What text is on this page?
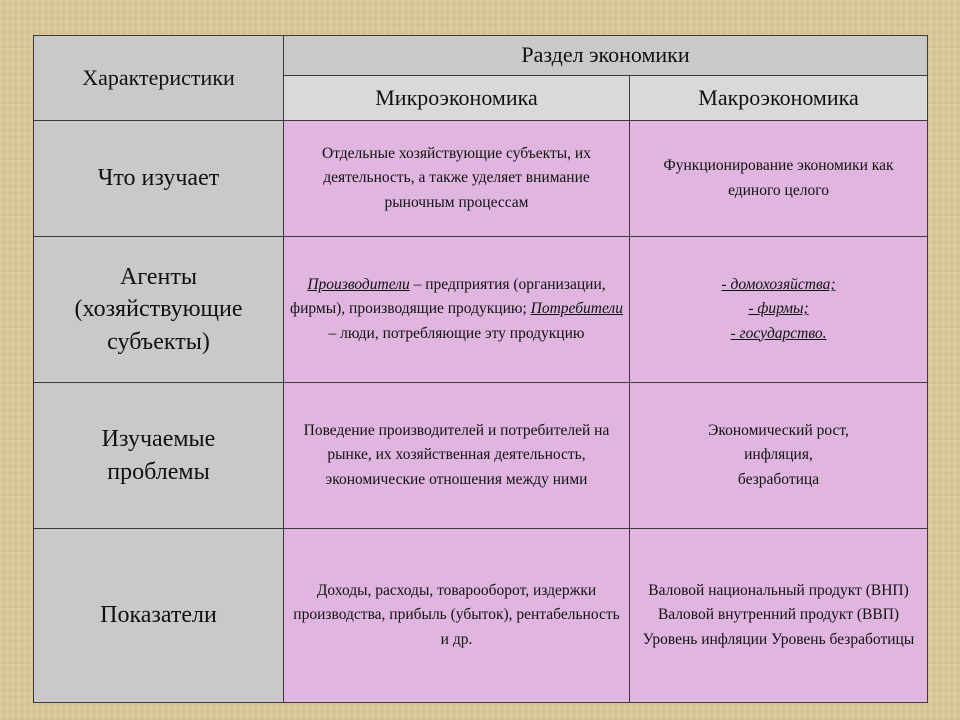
Характеристики	Раздел экономики	
	Микроэкономика	Макроэкономика
Что изучает	Отдельные хозяйствующие субъекты, их деятельность, а также уделяет внимание рыночным процессам	Функционирование экономики как единого целого

Агенты
(хозяйствующие
субъекты)	Производители – предприятия (организации, фирмы), производящие продукцию; Потребители – люди, потребляющие эту продукцию	- домохозяйства;
- фирмы;
- государство.

Изучаемые
проблемы	Поведение производителей и потребителей на рынке, их хозяйственная деятельность, экономические отношения между ними	Экономический рост,
инфляция,
безработица

Показатели	Доходы, расходы, товарооборот, издержки производства, прибыль (убыток), рентабельность и др.	Валовой национальный продукт (ВНП)
Валовой внутренний продукт (ВВП)
Уровень инфляции Уровень безработицы
